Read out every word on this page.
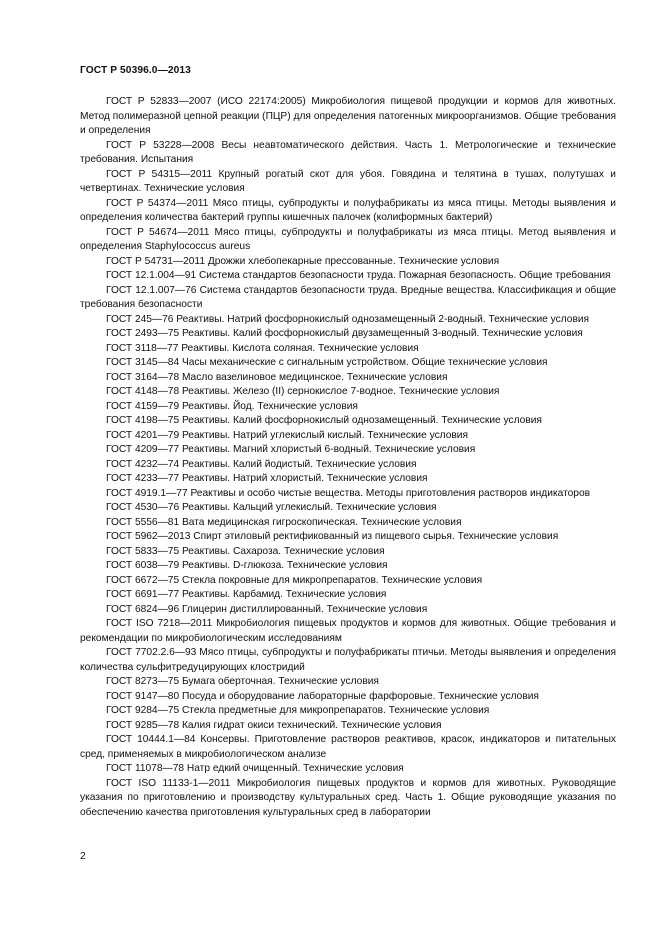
ГОСТ Р 50396.0—2013

ГОСТ Р 52833—2007 (ИСО 22174:2005) Микробиология пищевой продукции и кормов для животных. Метод полимеразной цепной реакции (ПЦР) для определения патогенных микроорганизмов. Общие требования и определения

ГОСТ Р 53228—2008 Весы неавтоматического действия. Часть 1. Метрологические и технические требования. Испытания

ГОСТ Р 54315—2011 Крупный рогатый скот для убоя. Говядина и телятина в тушах, полутушах и четвертинах. Технические условия

ГОСТ Р 54374—2011 Мясо птицы, субпродукты и полуфабрикаты из мяса птицы. Методы выявления и определения количества бактерий группы кишечных палочек (колиформных бактерий)

ГОСТ Р 54674—2011 Мясо птицы, субпродукты и полуфабрикаты из мяса птицы. Метод выявления и определения Staphylococcus aureus

ГОСТ Р 54731—2011 Дрожжи хлебопекарные прессованные. Технические условия

ГОСТ 12.1.004—91 Система стандартов безопасности труда. Пожарная безопасность. Общие требования

ГОСТ 12.1.007—76 Система стандартов безопасности труда. Вредные вещества. Классификация и общие требования безопасности

ГОСТ 245—76 Реактивы. Натрий фосфорнокислый однозамещенный 2-водный. Технические условия

ГОСТ 2493—75 Реактивы. Калий фосфорнокислый двузамещенный 3-водный. Технические условия

ГОСТ 3118—77 Реактивы. Кислота соляная. Технические условия

ГОСТ 3145—84 Часы механические с сигнальным устройством. Общие технические условия

ГОСТ 3164—78 Масло вазелиновое медицинское. Технические условия

ГОСТ 4148—78 Реактивы. Железо (II) сернокислое 7-водное. Технические условия

ГОСТ 4159—79 Реактивы. Йод. Технические условия

ГОСТ 4198—75 Реактивы. Калий фосфорнокислый однозамещенный. Технические условия

ГОСТ 4201—79 Реактивы. Натрий углекислый кислый. Технические условия

ГОСТ 4209—77 Реактивы. Магний хлористый 6-водный. Технические условия

ГОСТ 4232—74 Реактивы. Калий йодистый. Технические условия

ГОСТ 4233—77 Реактивы. Натрий хлористый. Технические условия

ГОСТ 4919.1—77 Реактивы и особо чистые вещества. Методы приготовления растворов индикаторов

ГОСТ 4530—76 Реактивы. Кальций углекислый. Технические условия

ГОСТ 5556—81 Вата медицинская гигроскопическая. Технические условия

ГОСТ 5962—2013 Спирт этиловый ректификованный из пищевого сырья. Технические условия

ГОСТ 5833—75 Реактивы. Сахароза. Технические условия

ГОСТ 6038—79 Реактивы. D-глюкоза. Технические условия

ГОСТ 6672—75 Стекла покровные для микропрепаратов. Технические условия

ГОСТ 6691—77 Реактивы. Карбамид. Технические условия

ГОСТ 6824—96 Глицерин дистиллированный. Технические условия

ГОСТ ISO 7218—2011 Микробиология пищевых продуктов и кормов для животных. Общие требования и рекомендации по микробиологическим исследованиям

ГОСТ 7702.2.6—93 Мясо птицы, субпродукты и полуфабрикаты птичьи. Методы выявления и определения количества сульфитредуцирующих клостридий

ГОСТ 8273—75 Бумага оберточная. Технические условия

ГОСТ 9147—80 Посуда и оборудование лабораторные фарфоровые. Технические условия

ГОСТ 9284—75 Стекла предметные для микропрепаратов. Технические условия

ГОСТ 9285—78 Калия гидрат окиси технический. Технические условия

ГОСТ 10444.1—84 Консервы. Приготовление растворов реактивов, красок, индикаторов и питательных сред, применяемых в микробиологическом анализе

ГОСТ 11078—78 Натр едкий очищенный. Технические условия

ГОСТ ISO 11133-1—2011 Микробиология пищевых продуктов и кормов для животных. Руководящие указания по приготовлению и производству культуральных сред. Часть 1. Общие руководящие указания по обеспечению качества приготовления культуральных сред в лаборатории

2
